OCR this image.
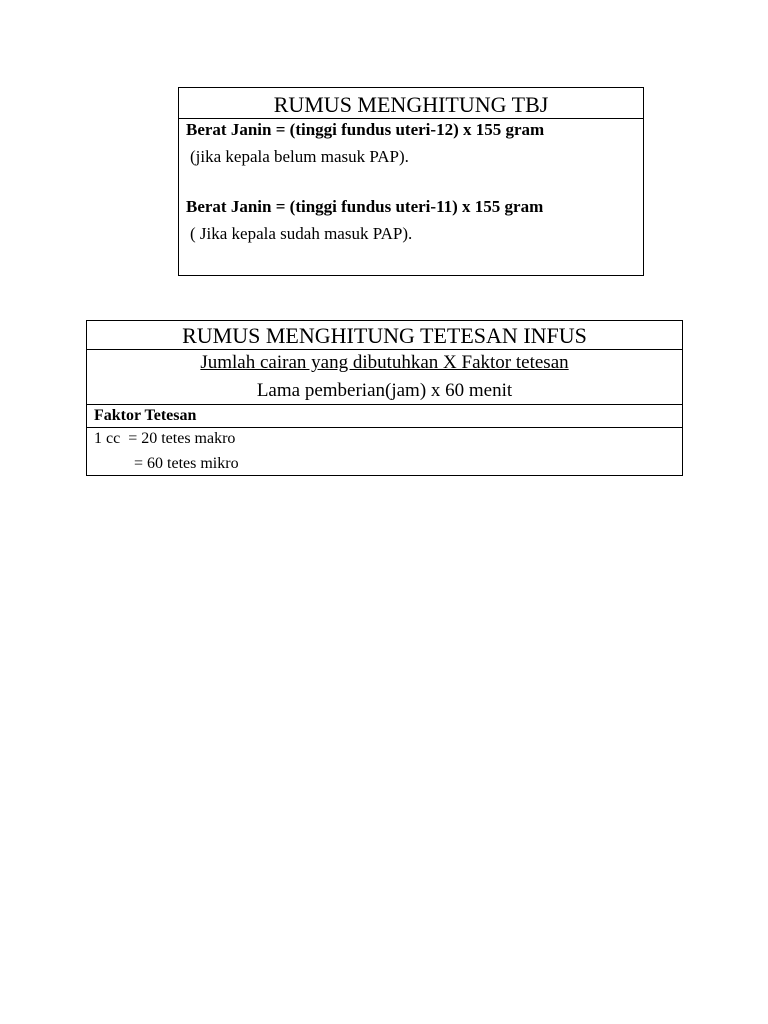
RUMUS MENGHITUNG TBJ
Berat Janin = (tinggi fundus uteri-12) x 155 gram
(jika kepala belum masuk PAP).
Berat Janin = (tinggi fundus uteri-11) x 155 gram
( Jika kepala sudah masuk PAP).
RUMUS MENGHITUNG TETESAN INFUS
Jumlah cairan yang dibutuhkan X Faktor tetesan
Lama pemberian(jam) x 60 menit
Faktor Tetesan
1 cc  = 20 tetes makro
= 60 tetes mikro
